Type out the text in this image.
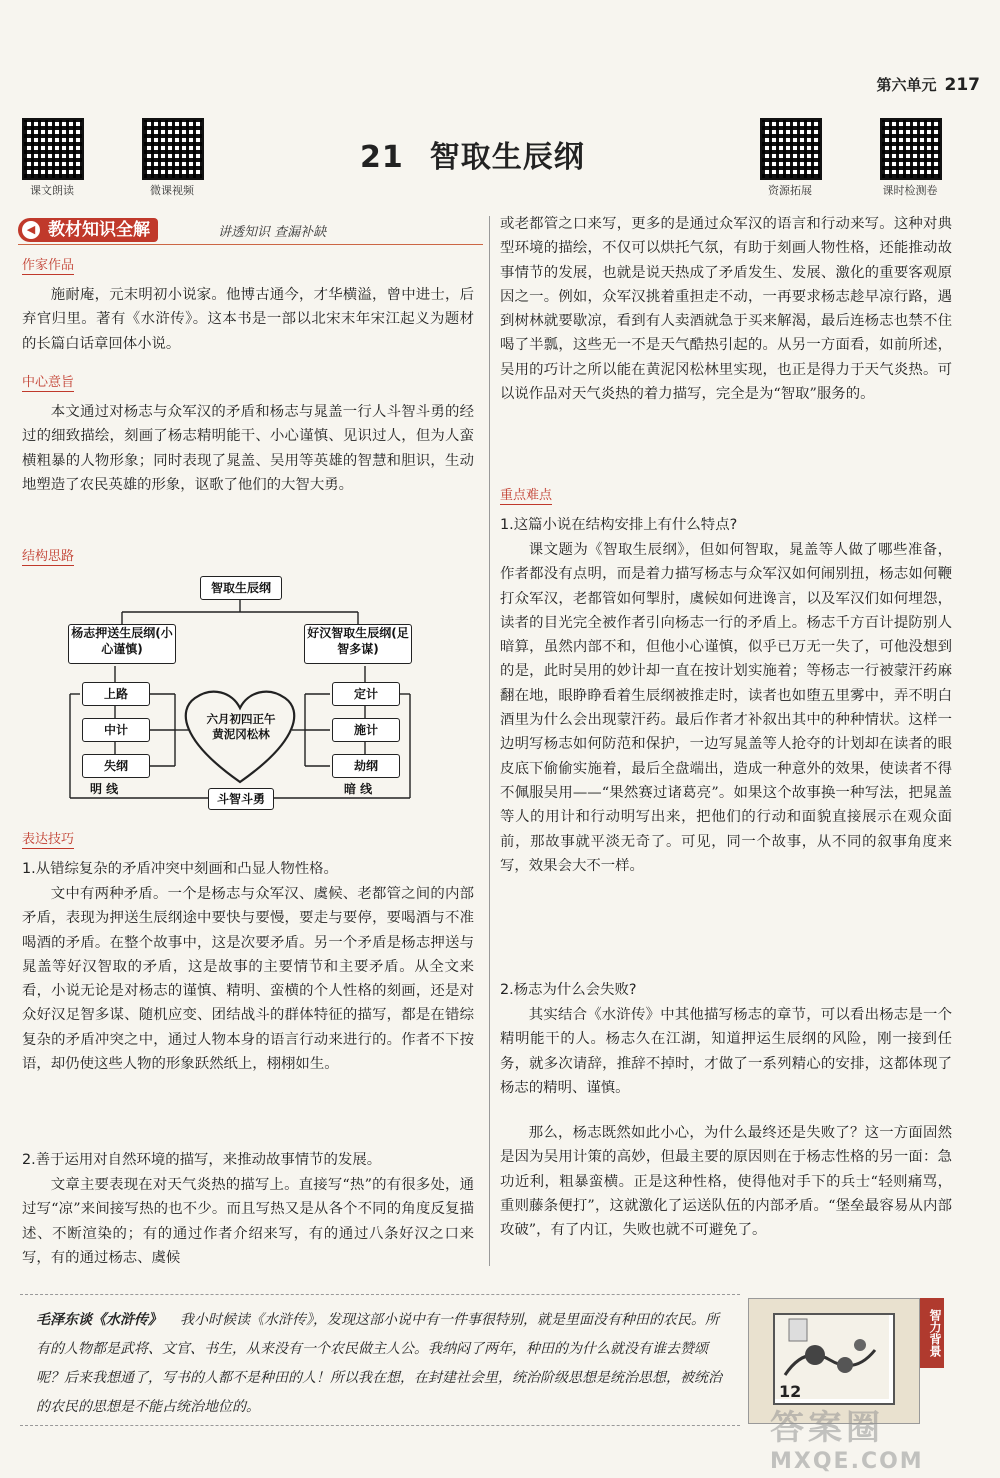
第六单元 217
课文朗读	微课视频	资源拓展	课时检测卷
21 智取生辰纲
◀ 教材知识全解	讲透知识 查漏补缺
作家作品
施耐庵，元末明初小说家。他博古通今，才华横溢，曾中进士，后弃官归里。著有《水浒传》。这本书是一部以北宋末年宋江起义为题材的长篇白话章回体小说。
中心意旨
本文通过对杨志与众军汉的矛盾和杨志与晁盖一行人斗智斗勇的经过的细致描绘，刻画了杨志精明能干、小心谨慎、见识过人，但为人蛮横粗暴的人物形象；同时表现了晁盖、吴用等英雄的智慧和胆识，生动地塑造了农民英雄的形象，讴歌了他们的大智大勇。
结构思路
智取生辰纲
杨志押送生辰纲(小心谨慎)
好汉智取生辰纲(足智多谋)
上路
中计
失纲
定计
施计
劫纲
六月初四正午黄泥冈松林
斗智斗勇
明 线	暗 线
表达技巧
1.从错综复杂的矛盾冲突中刻画和凸显人物性格。
文中有两种矛盾。一个是杨志与众军汉、虞候、老都管之间的内部矛盾，表现为押送生辰纲途中要快与要慢，要走与要停，要喝酒与不准喝酒的矛盾。在整个故事中，这是次要矛盾。另一个矛盾是杨志押送与晁盖等好汉智取的矛盾，这是故事的主要情节和主要矛盾。从全文来看，小说无论是对杨志的谨慎、精明、蛮横的个人性格的刻画，还是对众好汉足智多谋、随机应变、团结战斗的群体特征的描写，都是在错综复杂的矛盾冲突之中，通过人物本身的语言行动来进行的。作者不下按语，却仍使这些人物的形象跃然纸上，栩栩如生。
2.善于运用对自然环境的描写，来推动故事情节的发展。
文章主要表现在对天气炎热的描写上。直接写“热”的有很多处，通过写“凉”来间接写热的也不少。而且写热又是从各个不同的角度反复描述、不断渲染的；有的通过作者介绍来写，有的通过八条好汉之口来写，有的通过杨志、虞候
或老都管之口来写，更多的是通过众军汉的语言和行动来写。这种对典型环境的描绘，不仅可以烘托气氛，有助于刻画人物性格，还能推动故事情节的发展，也就是说天热成了矛盾发生、发展、激化的重要客观原因之一。例如，众军汉挑着重担走不动，一再要求杨志趁早凉行路，遇到树林就要歇凉，看到有人卖酒就急于买来解渴，最后连杨志也禁不住喝了半瓢，这些无一不是天气酷热引起的。从另一方面看，如前所述，吴用的巧计之所以能在黄泥冈松林里实现，也正是得力于天气炎热。可以说作品对天气炎热的着力描写，完全是为“智取”服务的。
重点难点
1.这篇小说在结构安排上有什么特点?
课文题为《智取生辰纲》，但如何智取，晁盖等人做了哪些准备，作者都没有点明，而是着力描写杨志与众军汉如何闹别扭，杨志如何鞭打众军汉，老都管如何掣肘，虞候如何进谗言，以及军汉们如何埋怨，读者的目光完全被作者引向杨志一行的矛盾上。杨志千方百计提防别人暗算，虽然内部不和，但他小心谨慎，似乎已万无一失了，可他没想到的是，此时吴用的妙计却一直在按计划实施着；等杨志一行被蒙汗药麻翻在地，眼睁睁看着生辰纲被推走时，读者也如堕五里雾中，弄不明白酒里为什么会出现蒙汗药。最后作者才补叙出其中的种种情状。这样一边明写杨志如何防范和保护，一边写晁盖等人抢夺的计划却在读者的眼皮底下偷偷实施着，最后全盘端出，造成一种意外的效果，使读者不得不佩服吴用——“果然赛过诸葛亮”。如果这个故事换一种写法，把晁盖等人的用计和行动明写出来，把他们的行动和面貌直接展示在观众面前，那故事就平淡无奇了。可见，同一个故事，从不同的叙事角度来写，效果会大不一样。
2.杨志为什么会失败?
其实结合《水浒传》中其他描写杨志的章节，可以看出杨志是一个精明能干的人。杨志久在江湖，知道押运生辰纲的风险，刚一接到任务，就多次请辞，推辞不掉时，才做了一系列精心的安排，这都体现了杨志的精明、谨慎。
那么，杨志既然如此小心，为什么最终还是失败了？这一方面固然是因为吴用计策的高妙，但最主要的原因则在于杨志性格的另一面：急功近利，粗暴蛮横。正是这种性格，使得他对手下的兵士“轻则痛骂，重则藤条便打”，这就激化了运送队伍的内部矛盾。“堡垒最容易从内部攻破”，有了内讧，失败也就不可避免了。
毛泽东谈《水浒传》 我小时候读《水浒传》，发现这部小说中有一件事很特别，就是里面没有种田的农民。所有的人物都是武将、文官、书生，从来没有一个农民做主人公。我纳闷了两年，种田的为什么就没有谁去赞颂呢？后来我想通了，写书的人都不是种田的人！所以我在想，在封建社会里，统治阶级思想是统治思想，被统治的农民的思想是不能占统治地位的。
12
智力背景
答案圈
MXQE.COM
